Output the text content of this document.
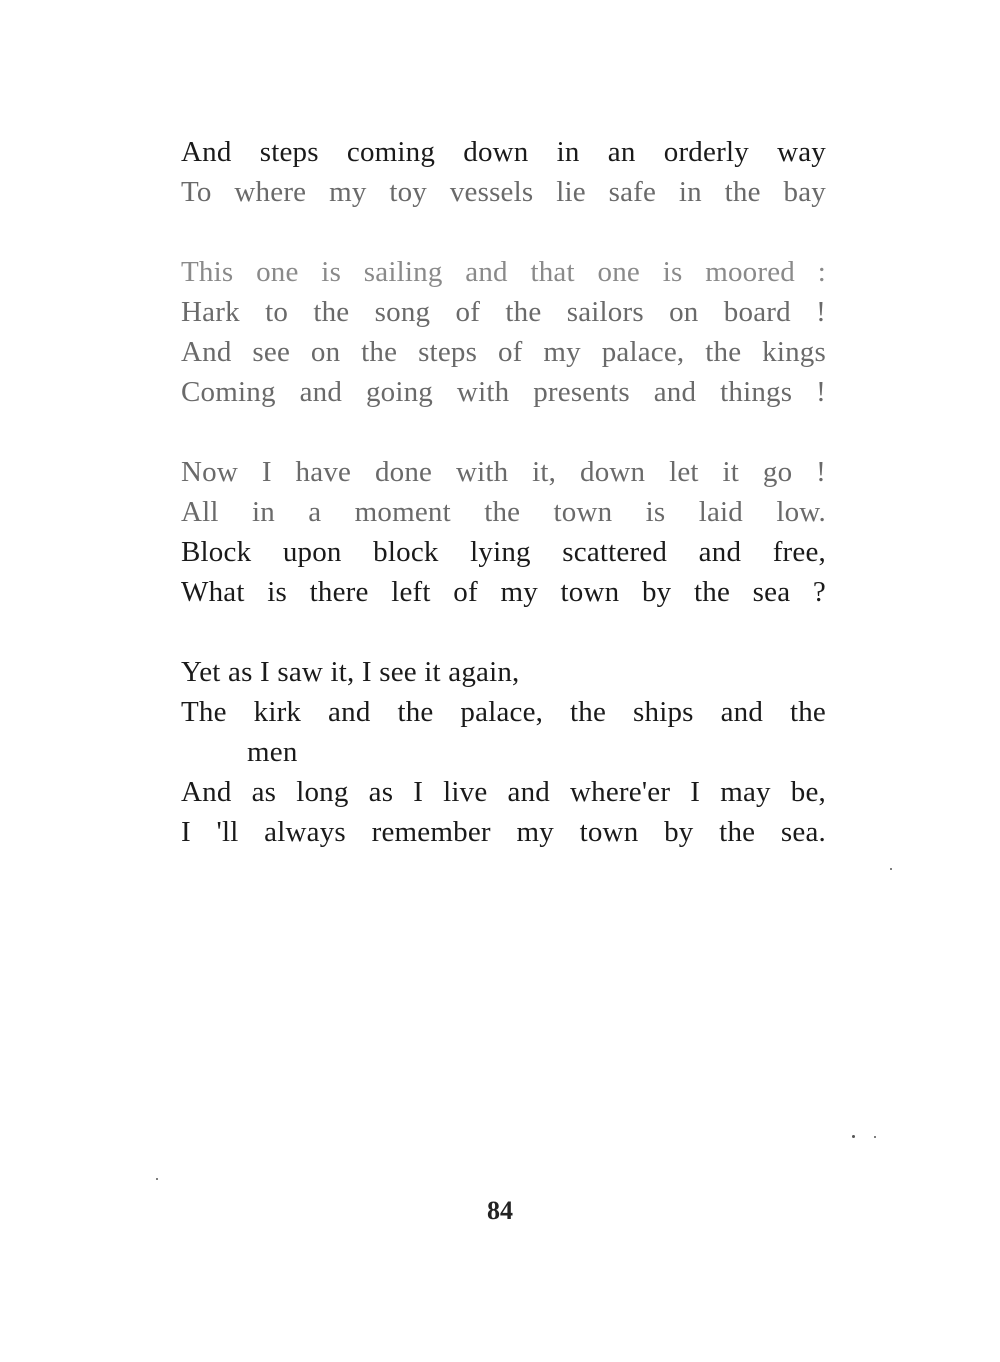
And steps coming down in an orderly way
To where my toy vessels lie safe in the bay
This one is sailing and that one is moored :
Hark to the song of the sailors on board !
And see on the steps of my palace, the kings
Coming and going with presents and things !
Now I have done with it, down let it go !
All in a moment the town is laid low.
Block upon block lying scattered and free,
What is there left of my town by the sea ?
Yet as I saw it, I see it again,
The kirk and the palace, the ships and the
men
And as long as I live and where'er I may be,
I 'll always remember my town by the sea.
84
